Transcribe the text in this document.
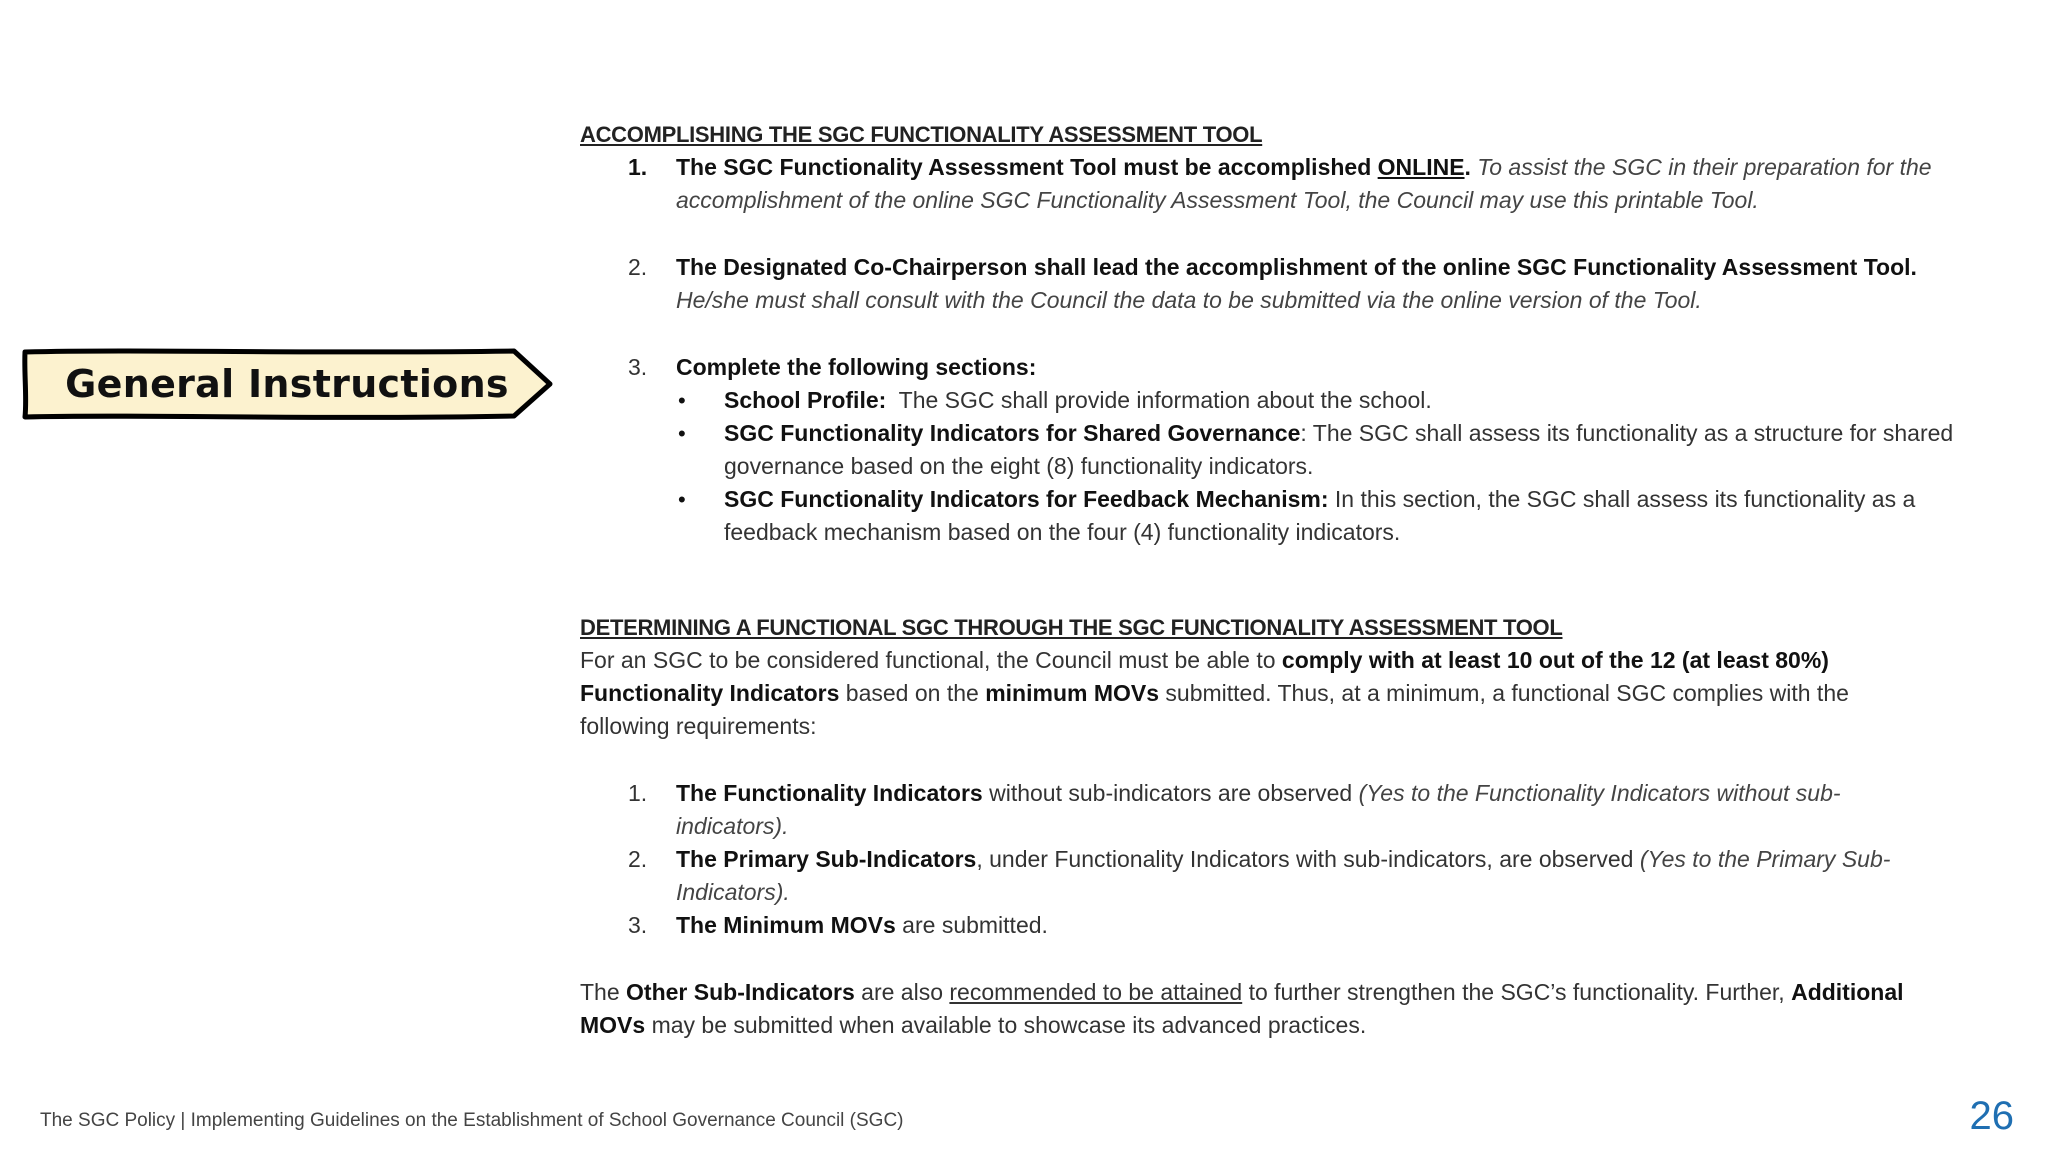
General Instructions
ACCOMPLISHING THE SGC FUNCTIONALITY ASSESSMENT TOOL
1. The SGC Functionality Assessment Tool must be accomplished ONLINE. To assist the SGC in their preparation for the
accomplishment of the online SGC Functionality Assessment Tool, the Council may use this printable Tool.
2. The Designated Co-Chairperson shall lead the accomplishment of the online SGC Functionality Assessment Tool.
He/she must shall consult with the Council the data to be submitted via the online version of the Tool.
3. Complete the following sections:
• School Profile:  The SGC shall provide information about the school.
• SGC Functionality Indicators for Shared Governance: The SGC shall assess its functionality as a structure for shared
governance based on the eight (8) functionality indicators.
• SGC Functionality Indicators for Feedback Mechanism: In this section, the SGC shall assess its functionality as a
feedback mechanism based on the four (4) functionality indicators.
DETERMINING A FUNCTIONAL SGC THROUGH THE SGC FUNCTIONALITY ASSESSMENT TOOL
For an SGC to be considered functional, the Council must be able to comply with at least 10 out of the 12 (at least 80%)
Functionality Indicators based on the minimum MOVs submitted. Thus, at a minimum, a functional SGC complies with the
following requirements:
1. The Functionality Indicators without sub-indicators are observed (Yes to the Functionality Indicators without sub-
indicators).
2. The Primary Sub-Indicators, under Functionality Indicators with sub-indicators, are observed (Yes to the Primary Sub-
Indicators).
3. The Minimum MOVs are submitted.
The Other Sub-Indicators are also recommended to be attained to further strengthen the SGC’s functionality. Further, Additional
MOVs may be submitted when available to showcase its advanced practices.
The SGC Policy | Implementing Guidelines on the Establishment of School Governance Council (SGC)	26
